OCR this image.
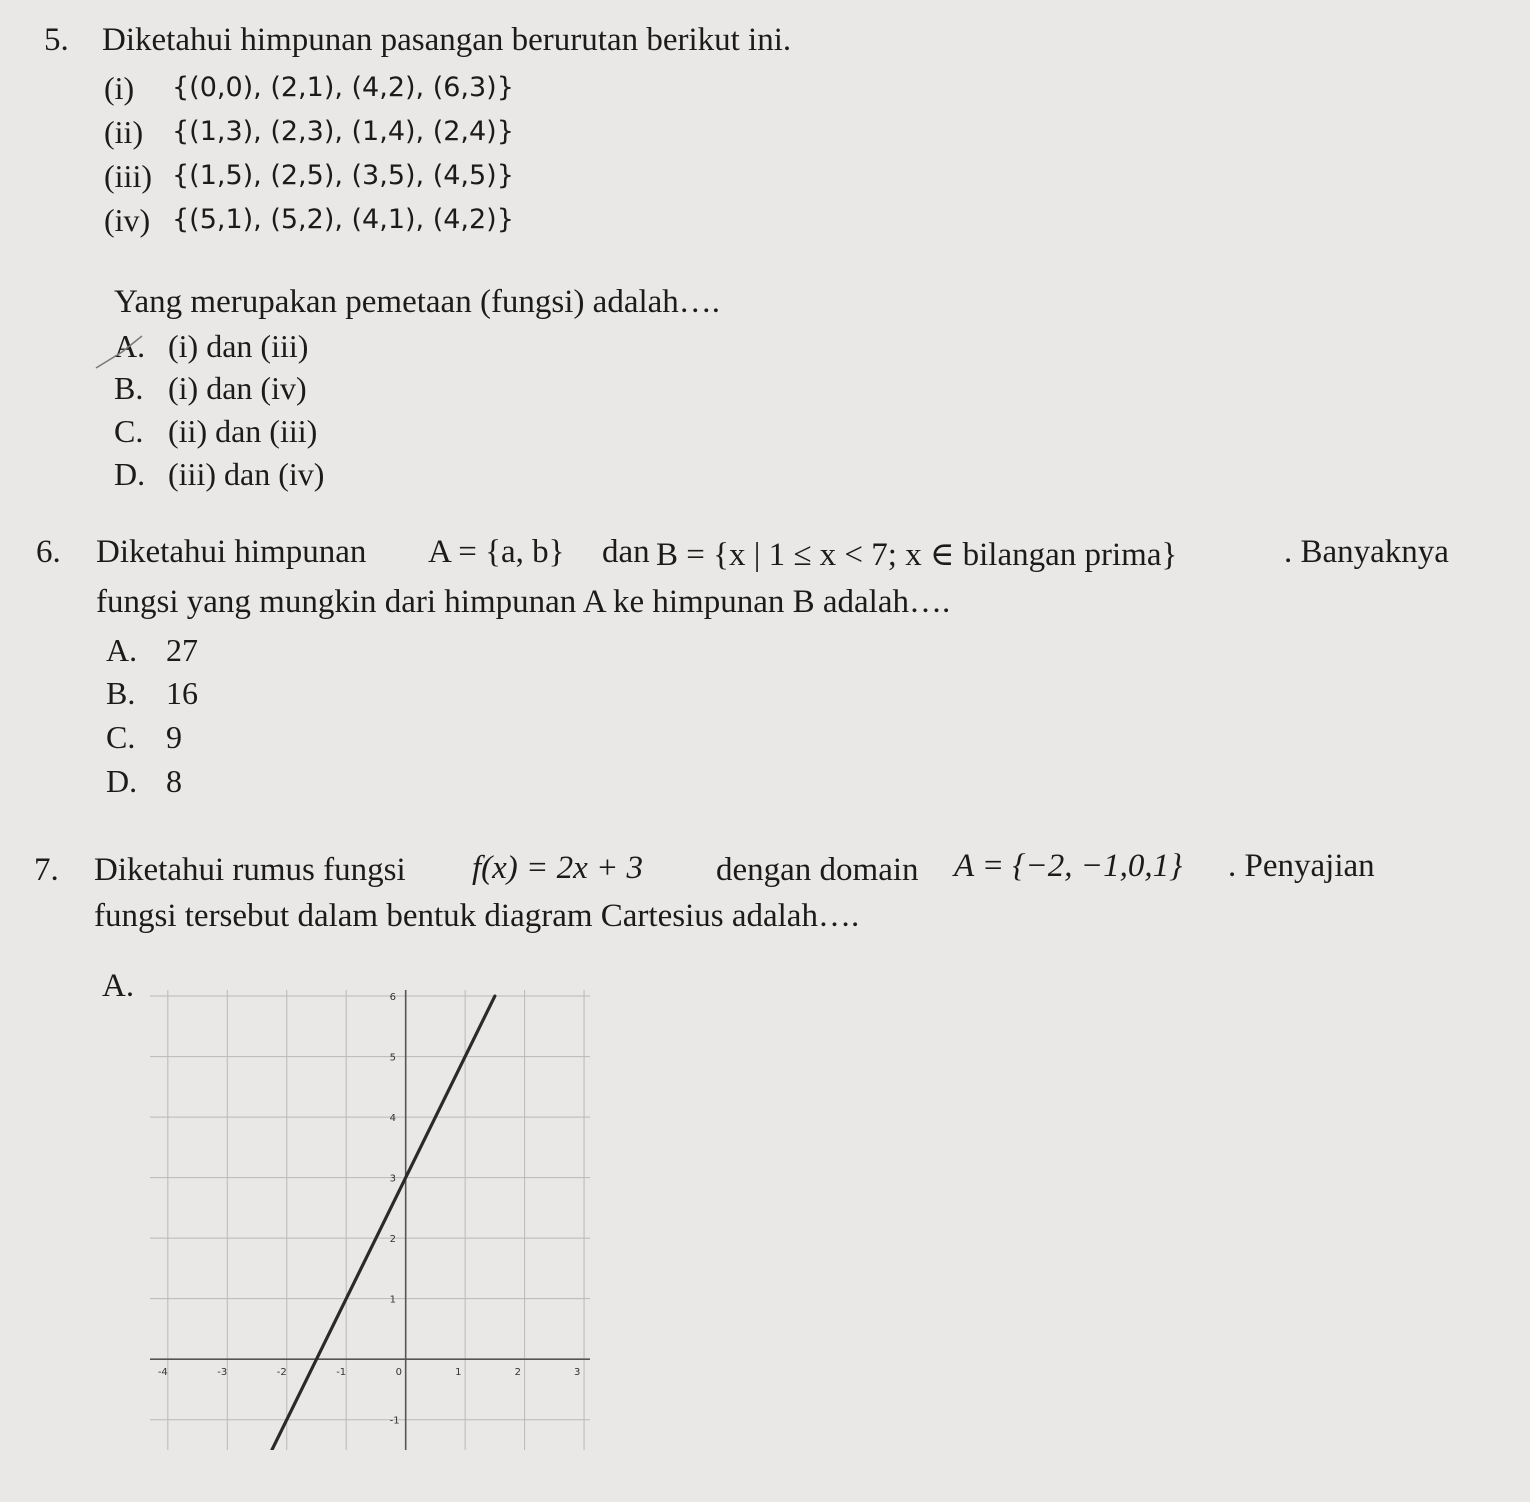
5. Diketahui himpunan pasangan berurutan berikut ini.
(i) {(0,0), (2,1), (4,2), (6,3)}
(ii) {(1,3), (2,3), (1,4), (2,4)}
(iii) {(1,5), (2,5), (3,5), (4,5)}
(iv) {(5,1), (5,2), (4,1), (4,2)}
Yang merupakan pemetaan (fungsi) adalah….
A. (i) dan (iii)
B. (i) dan (iv)
C. (ii) dan (iii)
D. (iii) dan (iv)
6. Diketahui himpunan A = {a, b} dan B = {x | 1 ≤ x < 7; x ∈ bilangan prima}	. Banyaknya
fungsi yang mungkin dari himpunan A ke himpunan B adalah….
A. 27
B. 16
C. 9
D. 8
7. Diketahui rumus fungsi f(x) = 2x + 3 dengan domain A = {−2, −1,0,1} . Penyajian
fungsi tersebut dalam bentuk diagram Cartesius adalah….
A.
-4	-3	-2	-1	0	1	2	3
6
5
4
3
2
1
-1
